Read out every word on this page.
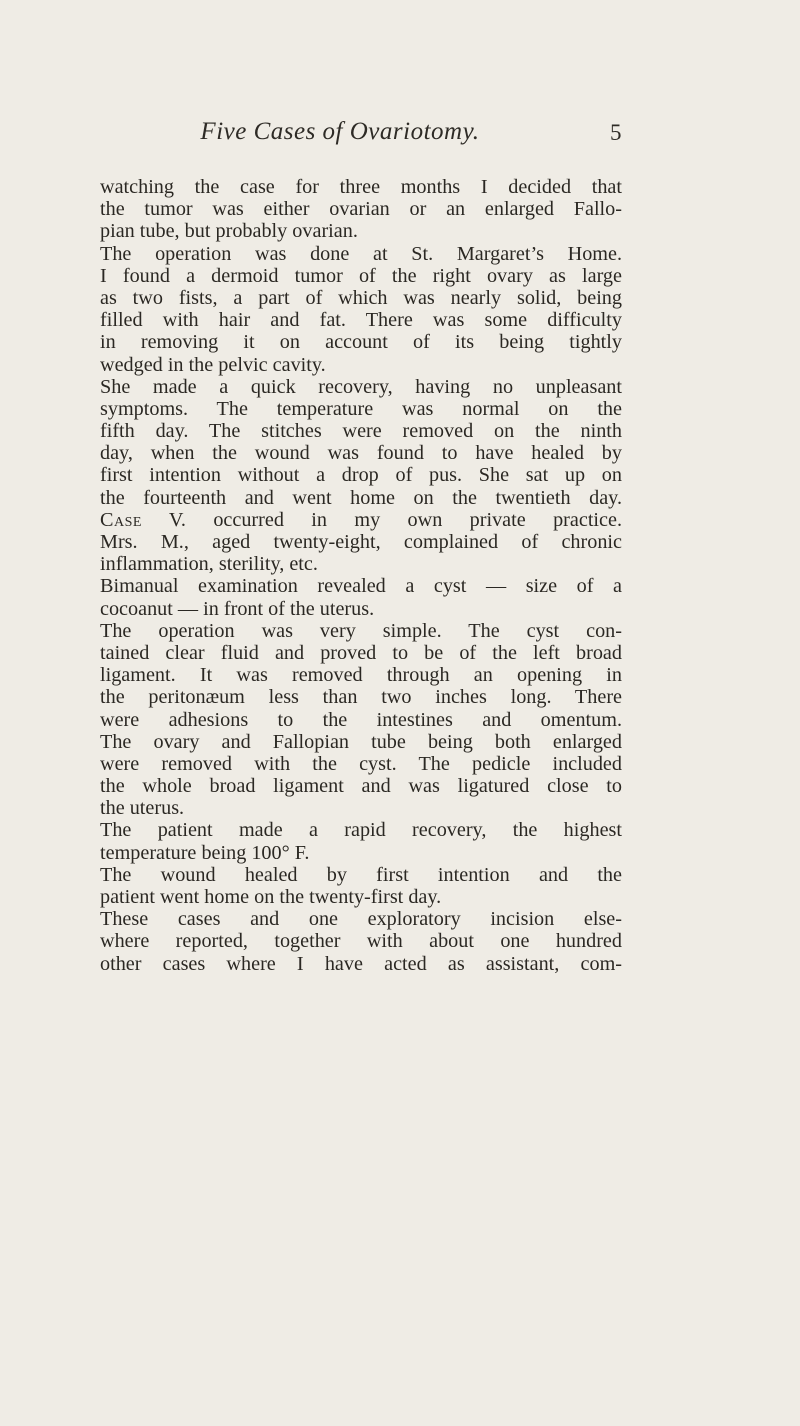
Five Cases of Ovariotomy.	5
watching the case for three months I decided that
the tumor was either ovarian or an enlarged Fallo-
pian tube, but probably ovarian.
The operation was done at St. Margaret’s Home.
I found a dermoid tumor of the right ovary as large
as two fists, a part of which was nearly solid, being
filled with hair and fat. There was some difficulty
in removing it on account of its being tightly
wedged in the pelvic cavity.
She made a quick recovery, having no unpleasant
symptoms. The temperature was normal on the
fifth day. The stitches were removed on the ninth
day, when the wound was found to have healed by
first intention without a drop of pus. She sat up on
the fourteenth and went home on the twentieth day.
Case V. occurred in my own private practice.
Mrs. M., aged twenty-eight, complained of chronic
inflammation, sterility, etc.
Bimanual examination revealed a cyst — size of a
cocoanut — in front of the uterus.
The operation was very simple. The cyst con-
tained clear fluid and proved to be of the left broad
ligament. It was removed through an opening in
the peritonæum less than two inches long. There
were adhesions to the intestines and omentum.
The ovary and Fallopian tube being both enlarged
were removed with the cyst. The pedicle included
the whole broad ligament and was ligatured close to
the uterus.
The patient made a rapid recovery, the highest
temperature being 100° F.
The wound healed by first intention and the
patient went home on the twenty-first day.
These cases and one exploratory incision else-
where reported, together with about one hundred
other cases where I have acted as assistant, com-
